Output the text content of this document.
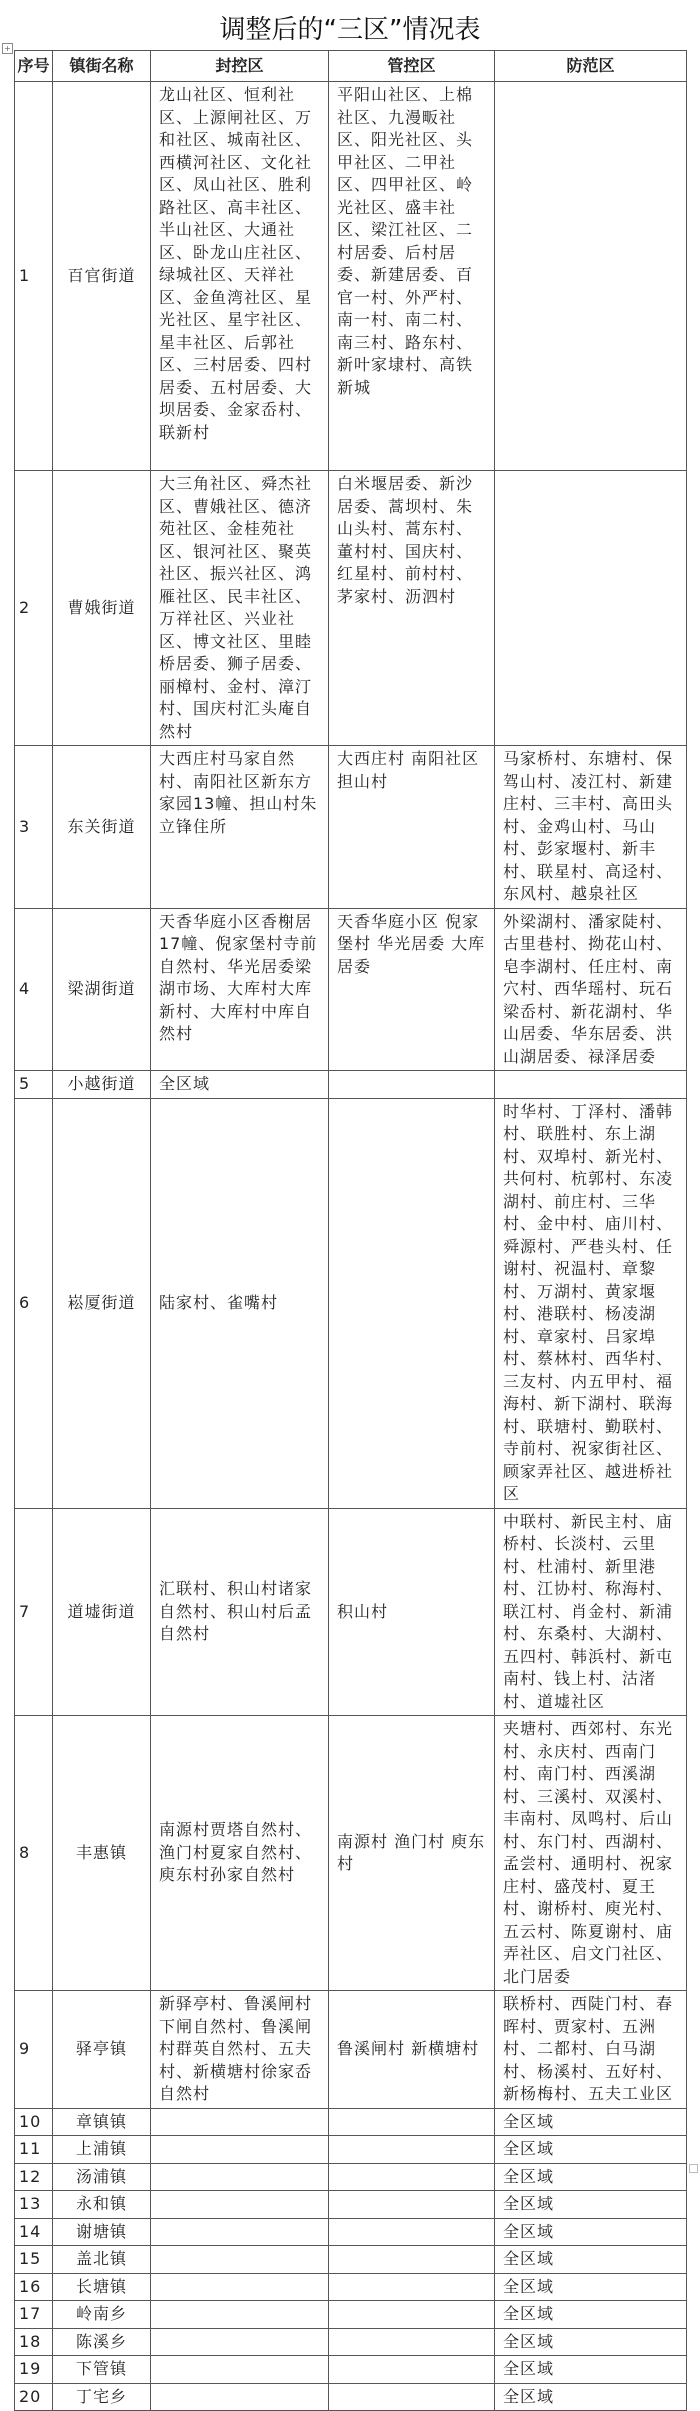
调整后的“三区”情况表
+
序号	镇街名称	封控区	管控区	防范区
1	百官街道	龙山社区、恒利社区、上源闸社区、万和社区、城南社区、西横河社区、文化社区、凤山社区、胜利路社区、高丰社区、半山社区、大通社区、卧龙山庄社区、绿城社区、天祥社区、金鱼湾社区、星光社区、星宇社区、星丰社区、后郭社区、三村居委、四村居委、五村居委、大坝居委、金家岙村、联新村	平阳山社区、上棉社区、九漫畈社区、阳光社区、头甲社区、二甲社区、四甲社区、岭光社区、盛丰社区、梁江社区、二村居委、后村居委、新建居委、百官一村、外严村、南一村、南二村、南三村、路东村、新叶家埭村、高铁新城	
2	曹娥街道	大三角社区、舜杰社区、曹娥社区、德济苑社区、金桂苑社区、银河社区、聚英社区、振兴社区、鸿雁社区、民丰社区、万祥社区、兴业社区、博文社区、里睦桥居委、狮子居委、丽樟村、金村、漳汀村、国庆村汇头庵自然村	白米堰居委、新沙居委、蒿坝村、朱山头村、蒿东村、董村村、国庆村、红星村、前村村、茅家村、沥泗村	
3	东关街道	大西庄村马家自然村、南阳社区新东方家园13幢、担山村朱立锋住所	大西庄村 南阳社区 担山村	马家桥村、东塘村、保驾山村、凌江村、新建庄村、三丰村、高田头村、金鸡山村、马山村、彭家堰村、新丰村、联星村、高迳村、东风村、越泉社区
4	梁湖街道	天香华庭小区香榭居17幢、倪家堡村寺前自然村、华光居委梁湖市场、大库村大库新村、大库村中库自然村	天香华庭小区 倪家堡村 华光居委 大库居委	外梁湖村、潘家陡村、古里巷村、拗花山村、皂李湖村、任庄村、南穴村、西华瑶村、玩石梁岙村、新花湖村、华山居委、华东居委、洪山湖居委、禄泽居委
5	小越街道	全区域		
6	崧厦街道	陆家村、雀嘴村		时华村、丁泽村、潘韩村、联胜村、东上湖村、双埠村、新光村、共何村、杭郭村、东凌湖村、前庄村、三华村、金中村、庙川村、舜源村、严巷头村、任谢村、祝温村、章黎村、万湖村、黄家堰村、港联村、杨凌湖村、章家村、吕家埠村、蔡林村、西华村、三友村、内五甲村、福海村、新下湖村、联海村、联塘村、勤联村、寺前村、祝家街社区、顾家弄社区、越进桥社区
7	道墟街道	汇联村、积山村诸家自然村、积山村后孟自然村	积山村	中联村、新民主村、庙桥村、长淡村、云里村、杜浦村、新里港村、江协村、称海村、联江村、肖金村、新浦村、东桑村、大湖村、五四村、韩浜村、新屯南村、钱上村、沽渚村、道墟社区
8	丰惠镇	南源村贾塔自然村、渔门村夏家自然村、庾东村孙家自然村	南源村 渔门村 庾东村	夹塘村、西郊村、东光村、永庆村、西南门村、南门村、西溪湖村、三溪村、双溪村、丰南村、凤鸣村、后山村、东门村、西湖村、孟尝村、通明村、祝家庄村、盛茂村、夏王村、谢桥村、庾光村、五云村、陈夏谢村、庙弄社区、启文门社区、北门居委
9	驿亭镇	新驿亭村、鲁溪闸村下闸自然村、鲁溪闸村群英自然村、五夫村、新横塘村徐家岙自然村	鲁溪闸村 新横塘村	联桥村、西陡门村、春晖村、贾家村、五洲村、二都村、白马湖村、杨溪村、五好村、新杨梅村、五夫工业区
10	章镇镇			全区域
11	上浦镇			全区域
12	汤浦镇			全区域
13	永和镇			全区域
14	谢塘镇			全区域
15	盖北镇			全区域
16	长塘镇			全区域
17	岭南乡			全区域
18	陈溪乡			全区域
19	下管镇			全区域
20	丁宅乡			全区域
